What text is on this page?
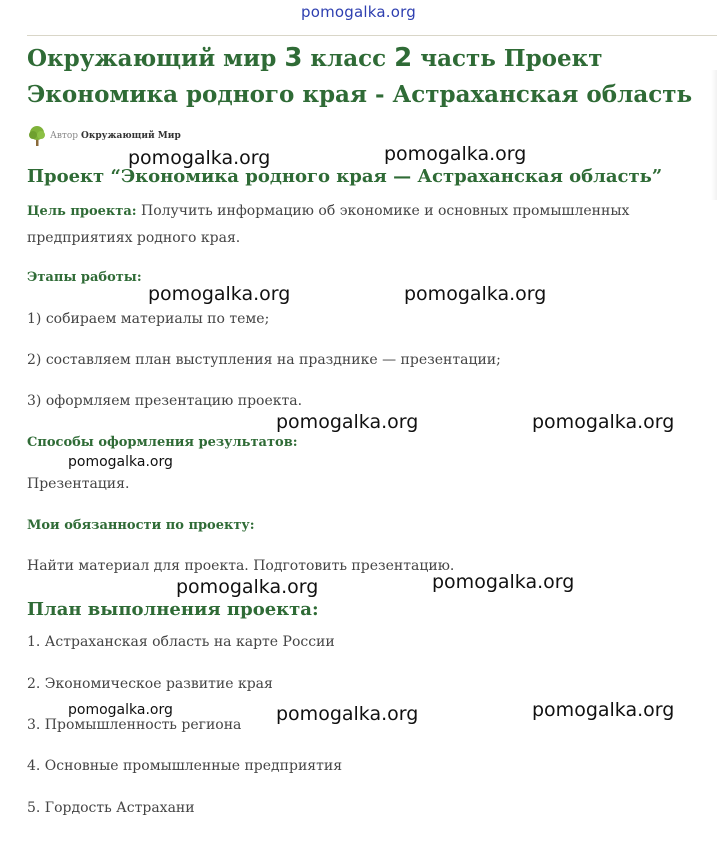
pomogalka.org
Окружающий мир 3 класс 2 часть Проект
Экономика родного края - Астраханская область
Автор Окружающий Мир
Проект “Экономика родного края — Астраханская область”

Цель проекта: Получить информацию об экономике и основных промышленных предприятиях родного края.

Этапы работы:

1) собираем материалы по теме;

2) составляем план выступления на празднике — презентации;

3) оформляем презентацию проекта.

Способы оформления результатов:

Презентация.

Мои обязанности по проекту:

Найти материал для проекта. Подготовить презентацию.

План выполнения проекта:

1. Астраханская область на карте России

2. Экономическое развитие края

3. Промышленность региона

4. Основные промышленные предприятия

5. Гордость Астрахани

pomogalka.org	pomogalka.org
pomogalka.org	pomogalka.org
pomogalka.org	pomogalka.org
pomogalka.org
pomogalka.org	pomogalka.org
pomogalka.org	pomogalka.org	pomogalka.org
